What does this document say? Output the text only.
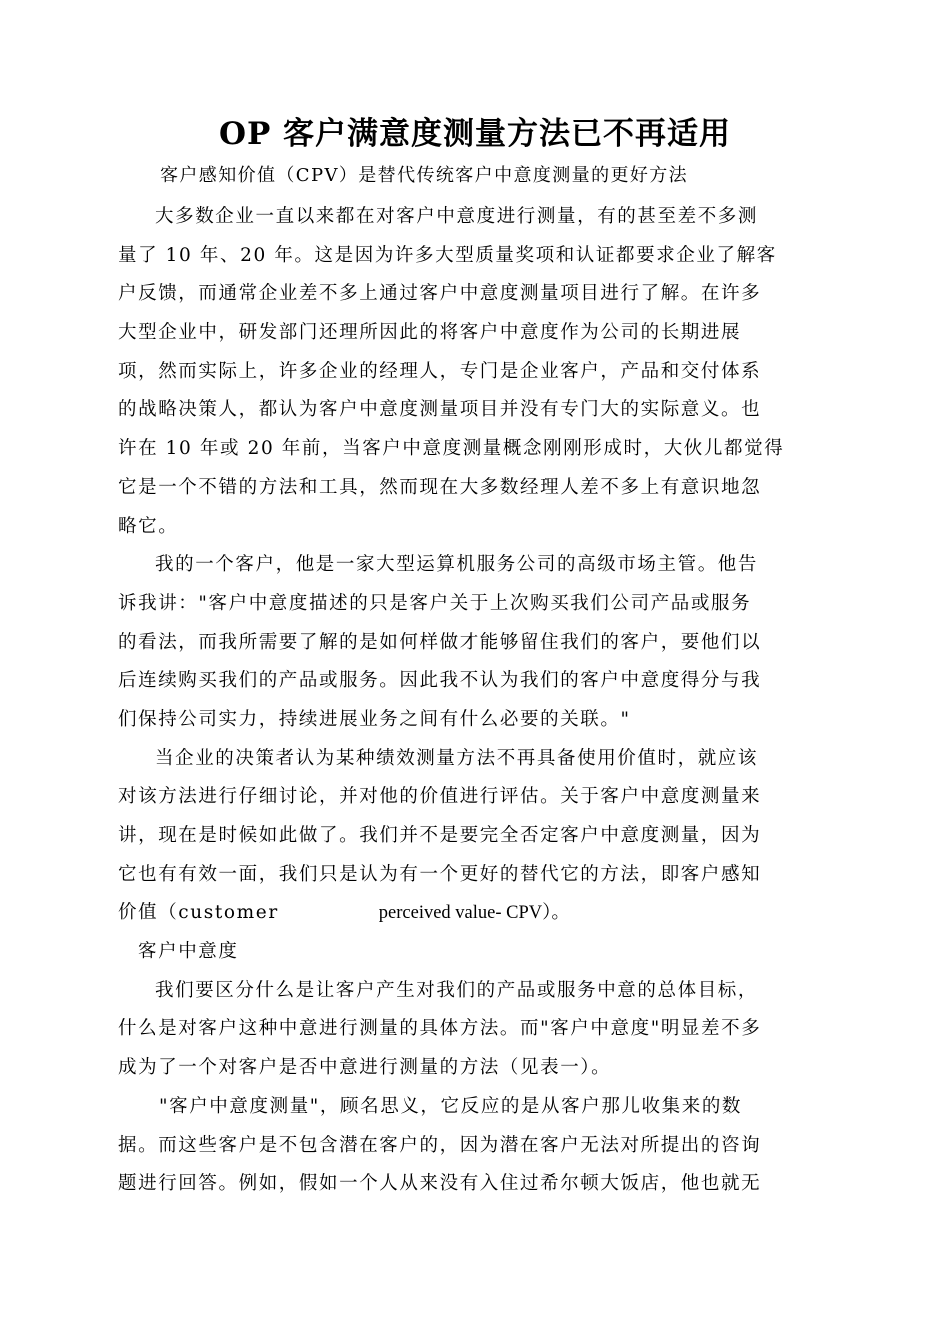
OP 客户满意度测量方法已不再适用
客户感知价值（CPV）是替代传统客户中意度测量的更好方法
大多数企业一直以来都在对客户中意度进行测量，有的甚至差不多测
量了 10 年、20 年。这是因为许多大型质量奖项和认证都要求企业了解客
户反馈，而通常企业差不多上通过客户中意度测量项目进行了解。在许多
大型企业中，研发部门还理所因此的将客户中意度作为公司的长期进展
项，然而实际上，许多企业的经理人，专门是企业客户，产品和交付体系
的战略决策人，都认为客户中意度测量项目并没有专门大的实际意义。也
许在 10 年或 20 年前，当客户中意度测量概念刚刚形成时，大伙儿都觉得
它是一个不错的方法和工具，然而现在大多数经理人差不多上有意识地忽
略它。
我的一个客户，他是一家大型运算机服务公司的高级市场主管。他告
诉我讲："客户中意度描述的只是客户关于上次购买我们公司产品或服务
的看法，而我所需要了解的是如何样做才能够留住我们的客户，要他们以
后连续购买我们的产品或服务。因此我不认为我们的客户中意度得分与我
们保持公司实力，持续进展业务之间有什么必要的关联。"
当企业的决策者认为某种绩效测量方法不再具备使用价值时，就应该
对该方法进行仔细讨论，并对他的价值进行评估。关于客户中意度测量来
讲，现在是时候如此做了。我们并不是要完全否定客户中意度测量，因为
它也有有效一面，我们只是认为有一个更好的替代它的方法，即客户感知
价值（customer	perceived value- CPV）。
客户中意度
我们要区分什么是让客户产生对我们的产品或服务中意的总体目标，
什么是对客户这种中意进行测量的具体方法。而"客户中意度"明显差不多
成为了一个对客户是否中意进行测量的方法（见表一）。
"客户中意度测量"，顾名思义，它反应的是从客户那儿收集来的数
据。而这些客户是不包含潜在客户的，因为潜在客户无法对所提出的咨询
题进行回答。例如，假如一个人从来没有入住过希尔顿大饭店，他也就无
